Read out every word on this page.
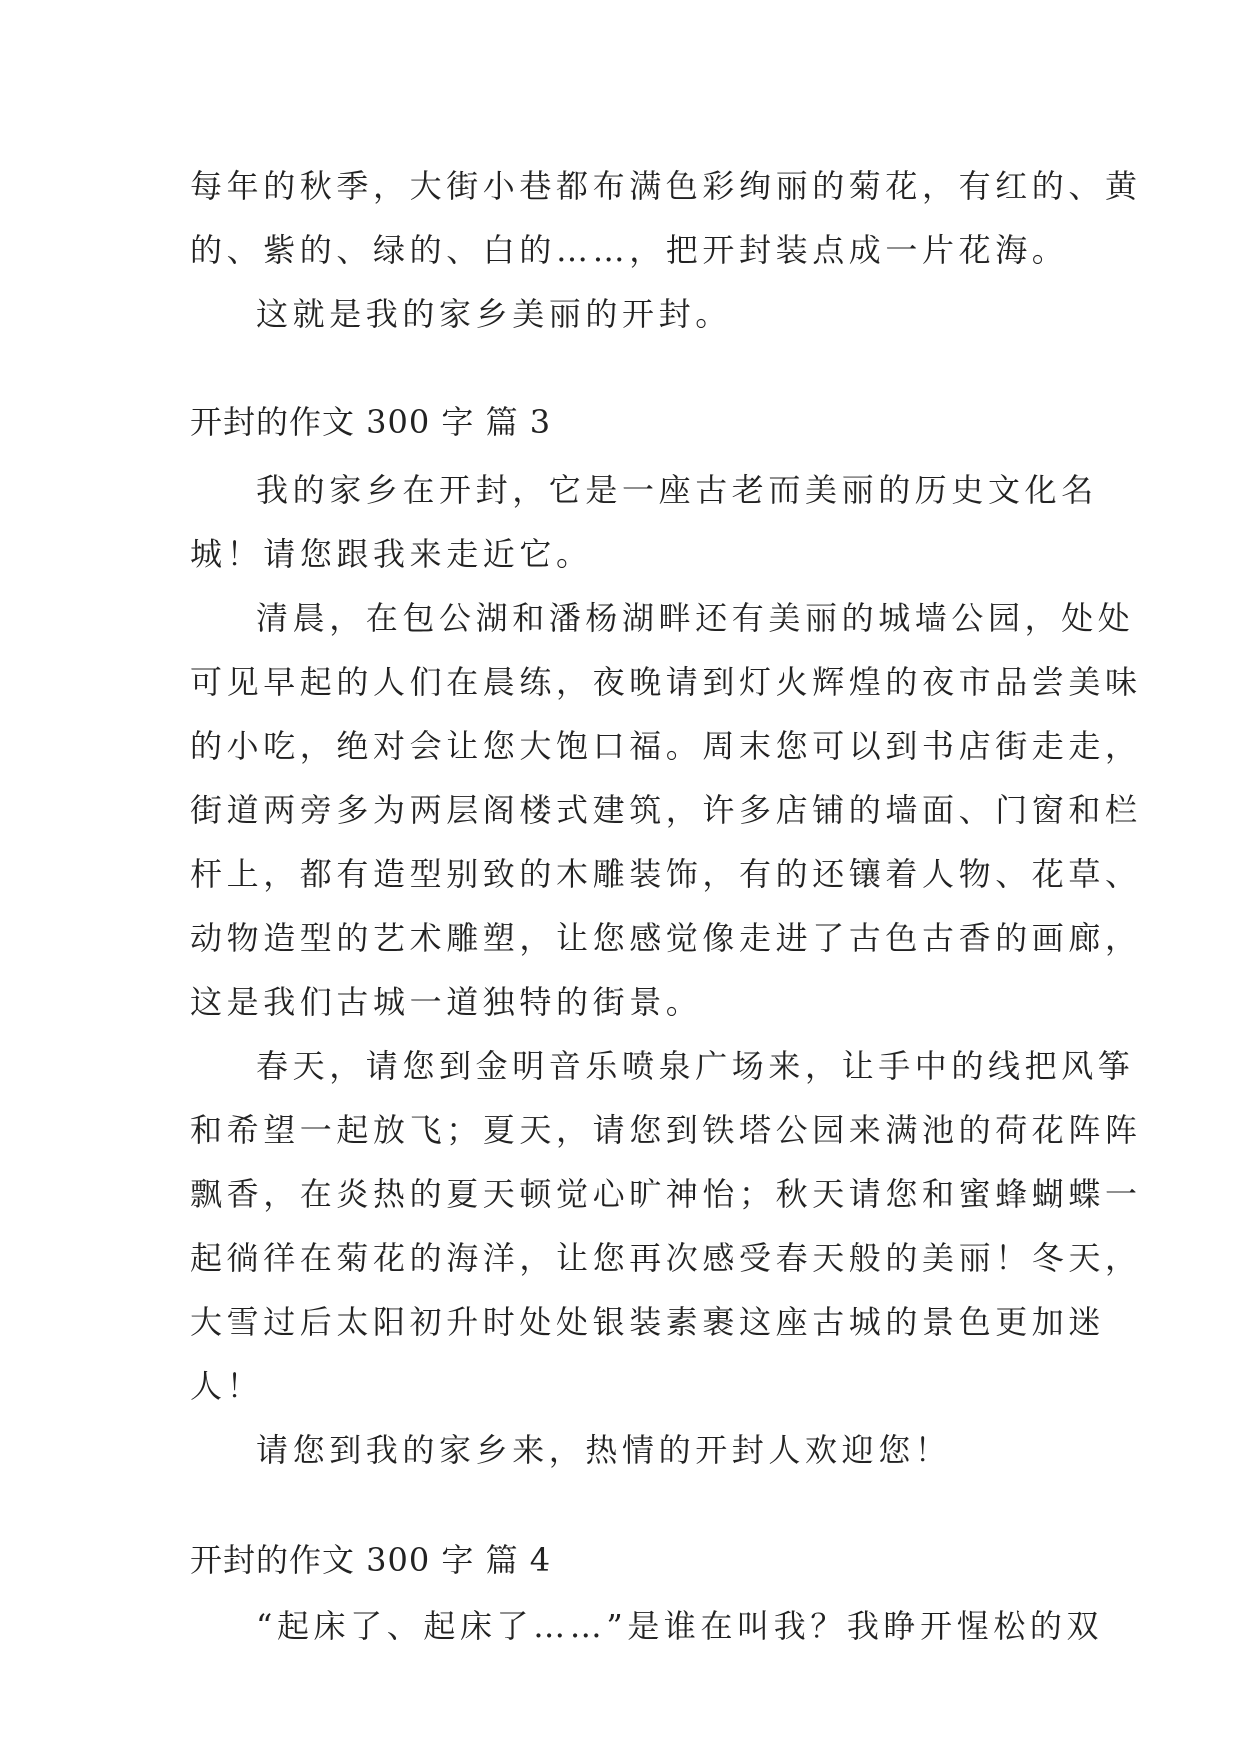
每年的秋季，大街小巷都布满色彩绚丽的菊花，有红的、黄
的、紫的、绿的、白的……，把开封装点成一片花海。
这就是我的家乡美丽的开封。
开封的作文 300 字 篇 3
我的家乡在开封，它是一座古老而美丽的历史文化名
城！请您跟我来走近它。
清晨，在包公湖和潘杨湖畔还有美丽的城墙公园，处处
可见早起的人们在晨练，夜晚请到灯火辉煌的夜市品尝美味
的小吃，绝对会让您大饱口福。周末您可以到书店街走走，
街道两旁多为两层阁楼式建筑，许多店铺的墙面、门窗和栏
杆上，都有造型别致的木雕装饰，有的还镶着人物、花草、
动物造型的艺术雕塑，让您感觉像走进了古色古香的画廊，
这是我们古城一道独特的街景。
春天，请您到金明音乐喷泉广场来，让手中的线把风筝
和希望一起放飞；夏天，请您到铁塔公园来满池的荷花阵阵
飘香，在炎热的夏天顿觉心旷神怡；秋天请您和蜜蜂蝴蝶一
起徜徉在菊花的海洋，让您再次感受春天般的美丽！冬天，
大雪过后太阳初升时处处银装素裹这座古城的景色更加迷
人！
请您到我的家乡来，热情的开封人欢迎您！
开封的作文 300 字 篇 4
“起床了、起床了……”是谁在叫我？我睁开惺松的双
